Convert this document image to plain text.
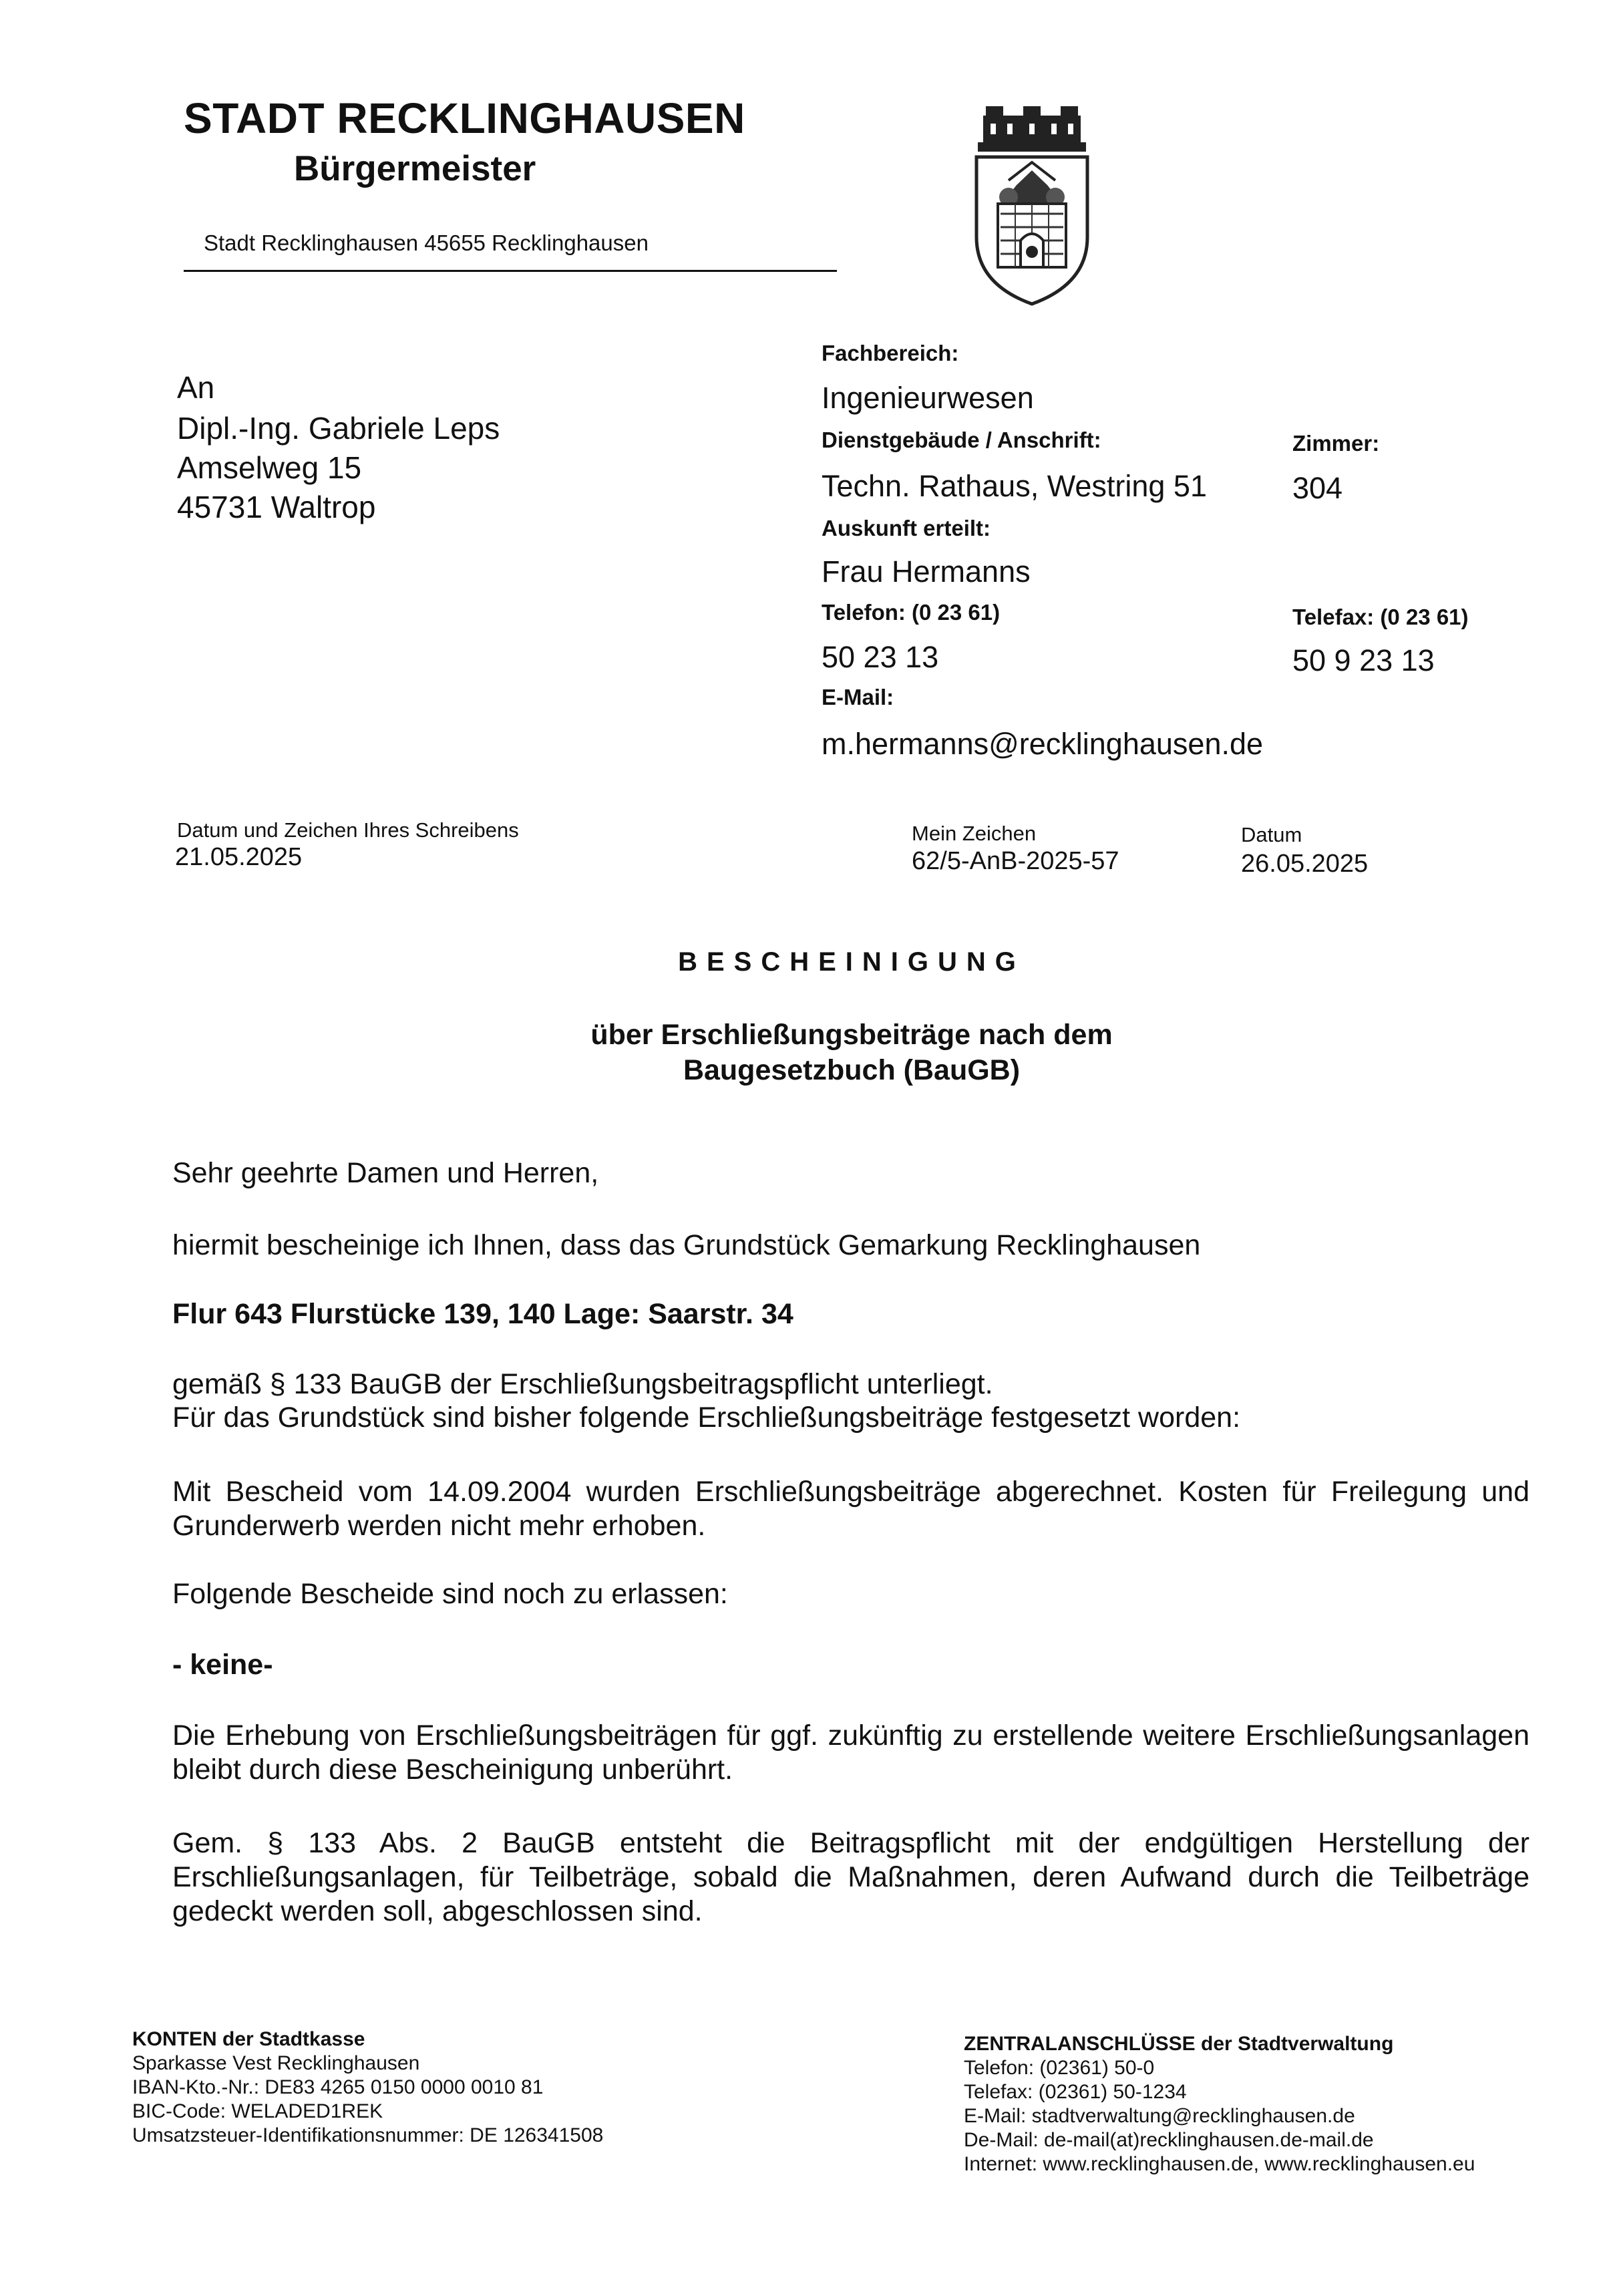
STADT RECKLINGHAUSEN
Bürgermeister
Stadt Recklinghausen 45655 Recklinghausen
An
Dipl.-Ing. Gabriele Leps
Amselweg 15
45731 Waltrop
Fachbereich:
Ingenieurwesen
Dienstgebäude / Anschrift:
Techn. Rathaus, Westring 51
Zimmer:
304
Auskunft erteilt:
Frau Hermanns
Telefon: (0 23 61)
50 23 13
Telefax: (0 23 61)
50 9 23 13
E-Mail:
m.hermanns@recklinghausen.de
Datum und Zeichen Ihres Schreibens
21.05.2025
Mein Zeichen
62/5-AnB-2025-57
Datum
26.05.2025
BESCHEINIGUNG
über Erschließungsbeiträge nach dem
Baugesetzbuch (BauGB)
Sehr geehrte Damen und Herren,
hiermit bescheinige ich Ihnen, dass das Grundstück Gemarkung Recklinghausen
Flur 643 Flurstücke 139, 140 Lage: Saarstr. 34
gemäß § 133 BauGB der Erschließungsbeitragspflicht unterliegt.
Für das Grundstück sind bisher folgende Erschließungsbeiträge festgesetzt worden:
Mit Bescheid vom 14.09.2004 wurden Erschließungsbeiträge abgerechnet. Kosten für Freilegung und Grunderwerb werden nicht mehr erhoben.
Folgende Bescheide sind noch zu erlassen:
- keine-
Die Erhebung von Erschließungsbeiträgen für ggf. zukünftig zu erstellende weitere Erschließungsanlagen bleibt durch diese Bescheinigung unberührt.
Gem. § 133 Abs. 2 BauGB entsteht die Beitragspflicht mit der endgültigen Herstellung der Erschließungsanlagen, für Teilbeträge, sobald die Maßnahmen, deren Aufwand durch die Teilbeträge gedeckt werden soll, abgeschlossen sind.
KONTEN der Stadtkasse
Sparkasse Vest Recklinghausen
IBAN-Kto.-Nr.: DE83 4265 0150 0000 0010 81
BIC-Code: WELADED1REK
Umsatzsteuer-Identifikationsnummer: DE 126341508
ZENTRALANSCHLÜSSE der Stadtverwaltung
Telefon: (02361) 50-0
Telefax: (02361) 50-1234
E-Mail: stadtverwaltung@recklinghausen.de
De-Mail: de-mail(at)recklinghausen.de-mail.de
Internet: www.recklinghausen.de, www.recklinghausen.eu
